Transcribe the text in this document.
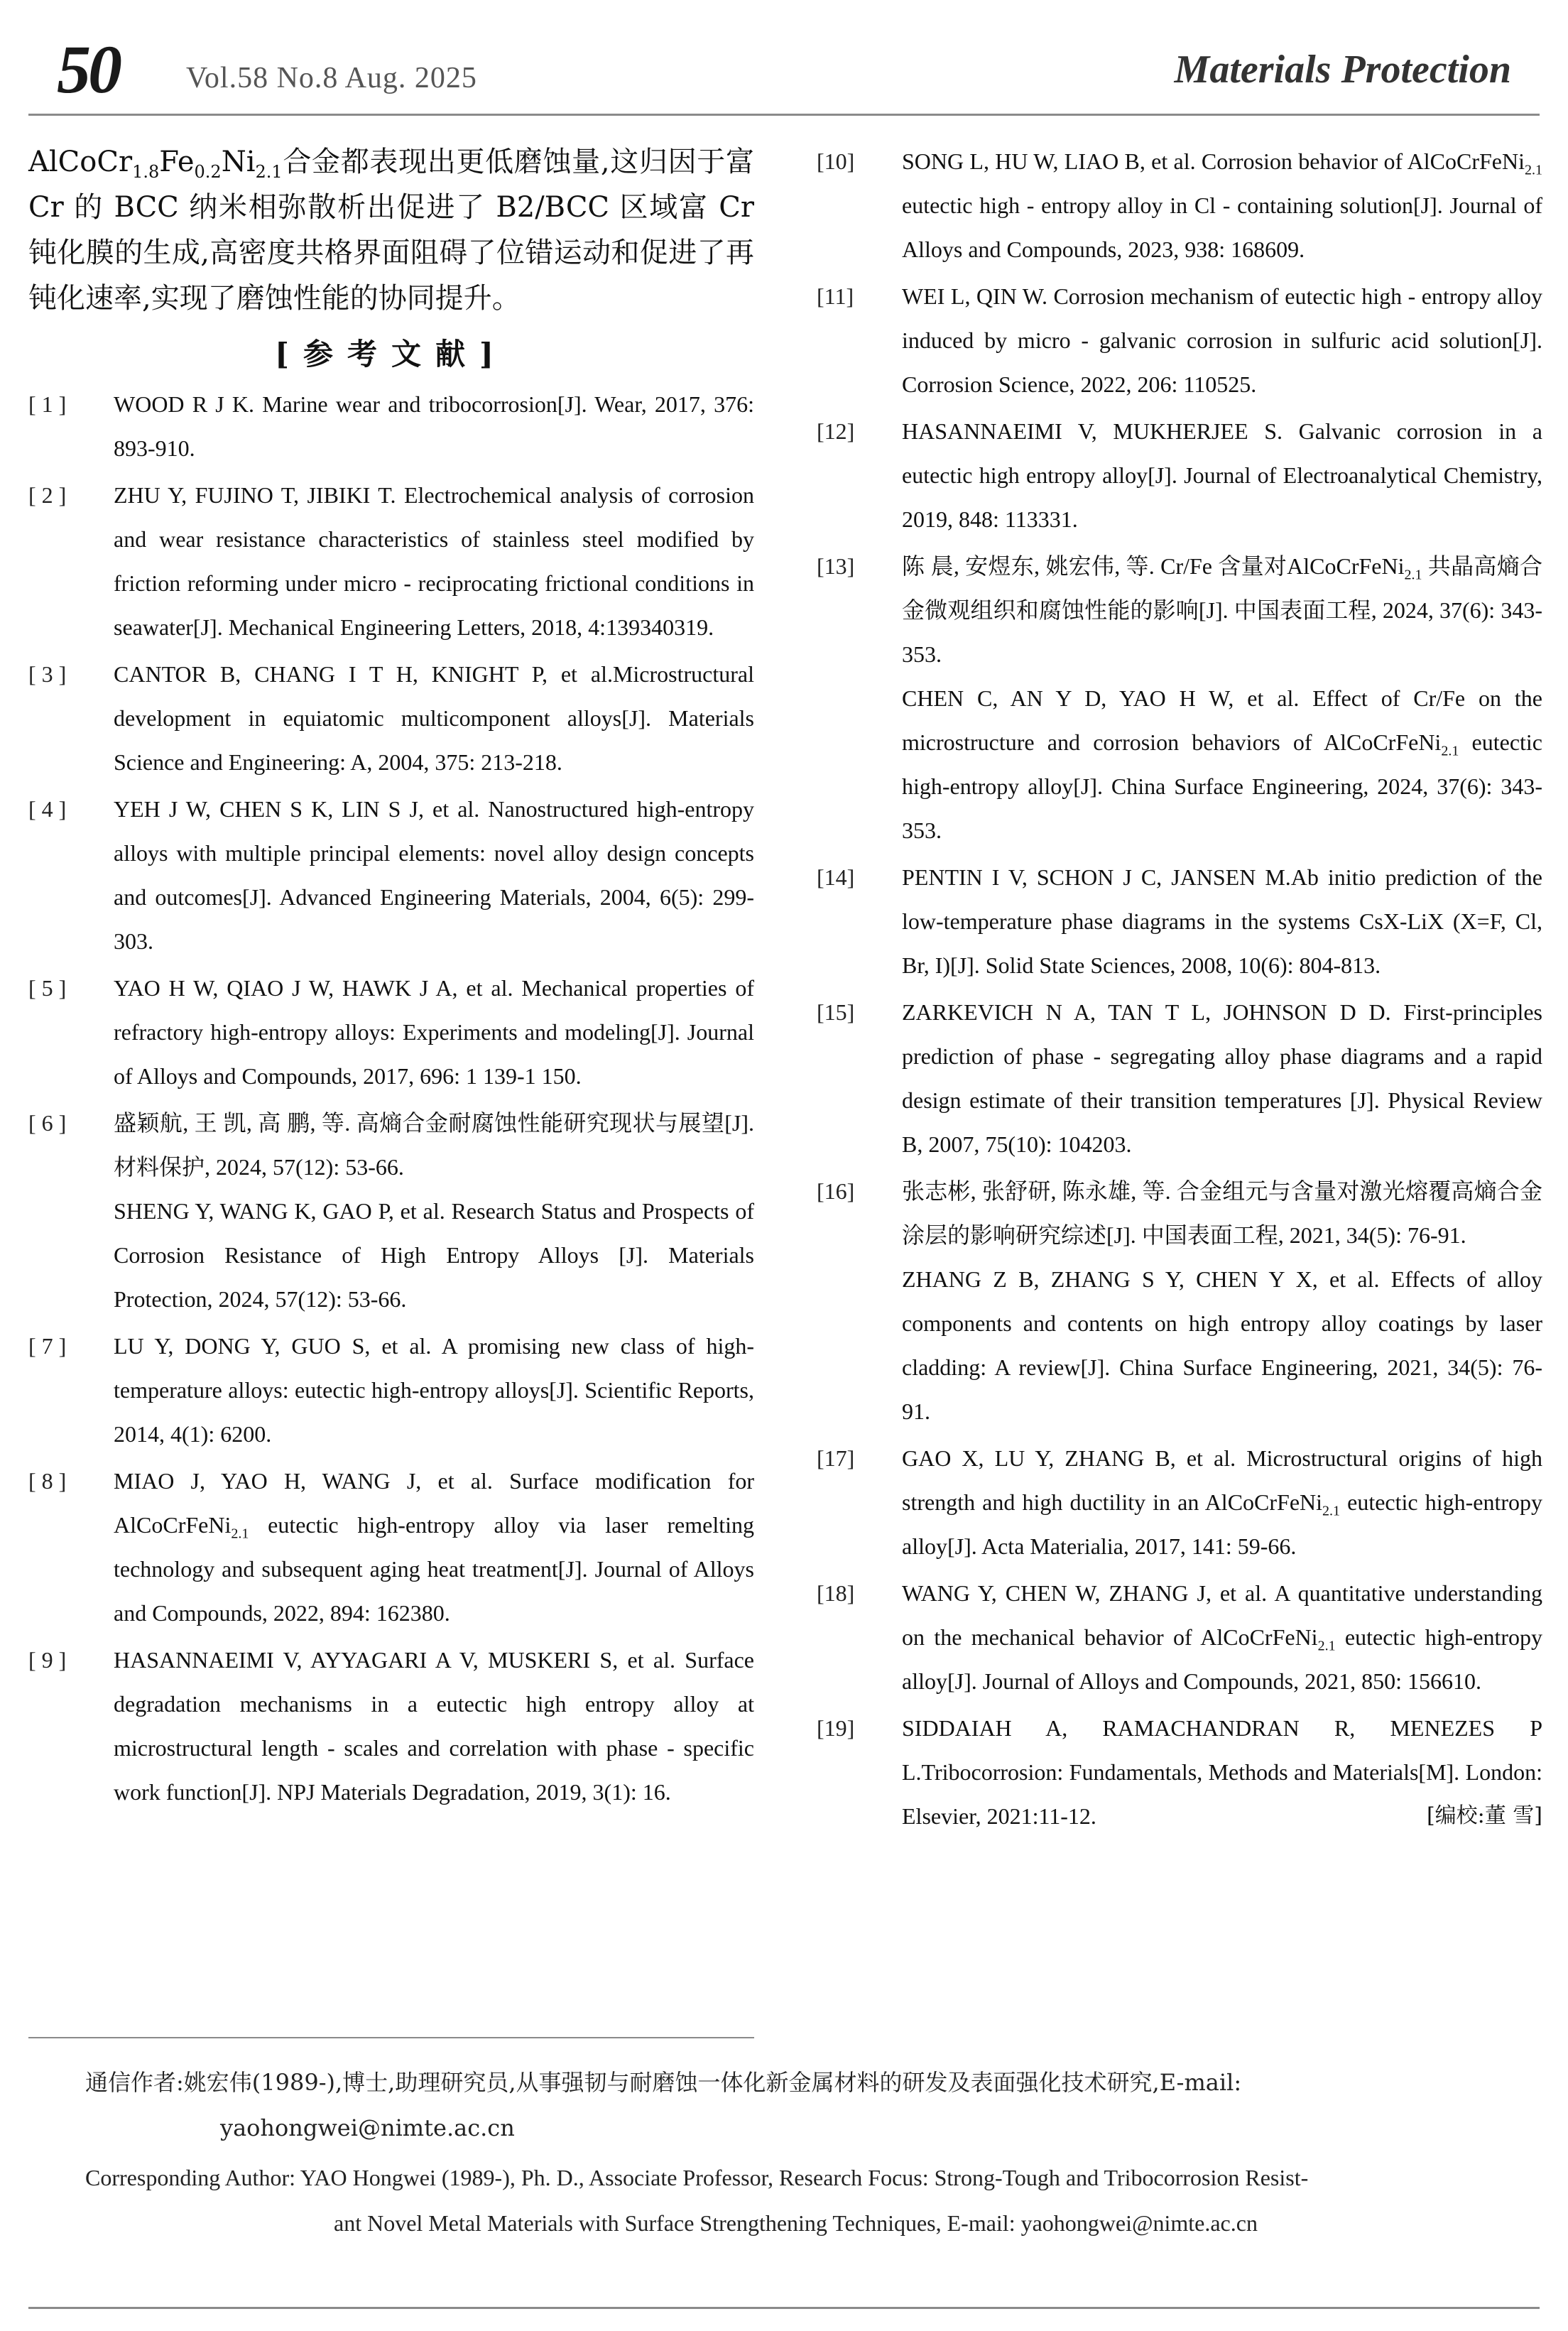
50 Vol.58 No.8 Aug. 2025	Materials Protection

$AlCoCr_{1.8}Fe_{0.2}Ni_{2.1}$合金都表现出更低磨蚀量,这归因于富 Cr 的 BCC 纳米相弥散析出促进了 B2/BCC 区域富 Cr 钝化膜的生成,高密度共格界面阻碍了位错运动和促进了再钝化速率,实现了磨蚀性能的协同提升。

[参考文献]
[ 1 ]	WOOD R J K. Marine wear and tribocorrosion[J]. Wear, 2017, 376: 893-910.
[ 2 ]	ZHU Y, FUJINO T, JIBIKI T. Electrochemical analysis of corrosion and wear resistance characteristics of stainless steel modified by friction reforming under micro - reciprocating frictional conditions in seawater[J]. Mechanical Engineering Letters, 2018, 4:139340319.
[ 3 ]	CANTOR B, CHANG I T H, KNIGHT P, et al.Microstructural development in equiatomic multicomponent alloys[J]. Materials Science and Engineering: A, 2004, 375: 213-218.
[ 4 ]	YEH J W, CHEN S K, LIN S J, et al. Nanostructured high-entropy alloys with multiple principal elements: novel alloy design concepts and outcomes[J]. Advanced Engineering Materials, 2004, 6(5): 299-303.
[ 5 ]	YAO H W, QIAO J W, HAWK J A, et al. Mechanical properties of refractory high-entropy alloys: Experiments and modeling[J]. Journal of Alloys and Compounds, 2017, 696: 1 139-1 150.
[ 6 ]	盛颖航, 王 凯, 高 鹏, 等. 高熵合金耐腐蚀性能研究现状与展望[J]. 材料保护, 2024, 57(12): 53-66.

SHENG Y, WANG K, GAO P, et al. Research Status and Prospects of Corrosion Resistance of High Entropy Alloys [J]. Materials Protection, 2024, 57(12): 53-66.

[ 7 ]	LU Y, DONG Y, GUO S, et al. A promising new class of high-temperature alloys: eutectic high-entropy alloys[J]. Scientific Reports, 2014, 4(1): 6200.
[ 8 ]	MIAO J, YAO H, WANG J, et al. Surface modification for AlCoCrFeNi$_{2.1}$ eutectic high-entropy alloy via laser remelting technology and subsequent aging heat treatment[J]. Journal of Alloys and Compounds, 2022, 894: 162380.
[ 9 ]	HASANNAEIMI V, AYYAGARI A V, MUSKERI S, et al. Surface degradation mechanisms in a eutectic high entropy alloy at microstructural length - scales and correlation with phase - specific work function[J]. NPJ Materials Degradation, 2019, 3(1): 16.
[10]	SONG L, HU W, LIAO B, et al. Corrosion behavior of AlCoCrFeNi$_{2.1}$ eutectic high - entropy alloy in Cl - containing solution[J]. Journal of Alloys and Compounds, 2023, 938: 168609.
[11]	WEI L, QIN W. Corrosion mechanism of eutectic high - entropy alloy induced by micro - galvanic corrosion in sulfuric acid solution[J]. Corrosion Science, 2022, 206: 110525.
[12]	HASANNAEIMI V, MUKHERJEE S. Galvanic corrosion in a eutectic high entropy alloy[J]. Journal of Electroanalytical Chemistry, 2019, 848: 113331.
[13]	陈 晨, 安煜东, 姚宏伟, 等. Cr/Fe 含量对AlCoCrFeNi$_{2.1}$ 共晶高熵合金微观组织和腐蚀性能的影响[J]. 中国表面工程, 2024, 37(6): 343-353.

CHEN C, AN Y D, YAO H W, et al. Effect of Cr/Fe on the microstructure and corrosion behaviors of AlCoCrFeNi$_{2.1}$ eutectic high-entropy alloy[J]. China Surface Engineering, 2024, 37(6): 343-353.

[14]	PENTIN I V, SCHON J C, JANSEN M.Ab initio prediction of the low-temperature phase diagrams in the systems CsX-LiX (X=F, Cl, Br, I)[J]. Solid State Sciences, 2008, 10(6): 804-813.
[15]	ZARKEVICH N A, TAN T L, JOHNSON D D. First-principles prediction of phase - segregating alloy phase diagrams and a rapid design estimate of their transition temperatures [J]. Physical Review B, 2007, 75(10): 104203.
[16]	张志彬, 张舒研, 陈永雄, 等. 合金组元与含量对激光熔覆高熵合金涂层的影响研究综述[J]. 中国表面工程, 2021, 34(5): 76-91.

ZHANG Z B, ZHANG S Y, CHEN Y X, et al. Effects of alloy components and contents on high entropy alloy coatings by laser cladding: A review[J]. China Surface Engineering, 2021, 34(5): 76-91.

[17]	GAO X, LU Y, ZHANG B, et al. Microstructural origins of high strength and high ductility in an AlCoCrFeNi$_{2.1}$ eutectic high-entropy alloy[J]. Acta Materialia, 2017, 141: 59-66.
[18]	WANG Y, CHEN W, ZHANG J, et al. A quantitative understanding on the mechanical behavior of AlCoCrFeNi$_{2.1}$ eutectic high-entropy alloy[J]. Journal of Alloys and Compounds, 2021, 850: 156610.
[19]	SIDDAIAH A, RAMACHANDRAN R, MENEZES P L.Tribocorrosion: Fundamentals, Methods and Materials[M]. London: Elsevier, 2021:11-12.	[编校:董 雪]
通信作者:姚宏伟(1989-),博士,助理研究员,从事强韧与耐磨蚀一体化新金属材料的研发及表面强化技术研究,E-mail:
yaohongwei@nimte.ac.cn
Corresponding Author: YAO Hongwei (1989-), Ph. D., Associate Professor, Research Focus: Strong-Tough and Tribocorrosion Resist-
ant Novel Metal Materials with Surface Strengthening Techniques, E-mail: yaohongwei@nimte.ac.cn
